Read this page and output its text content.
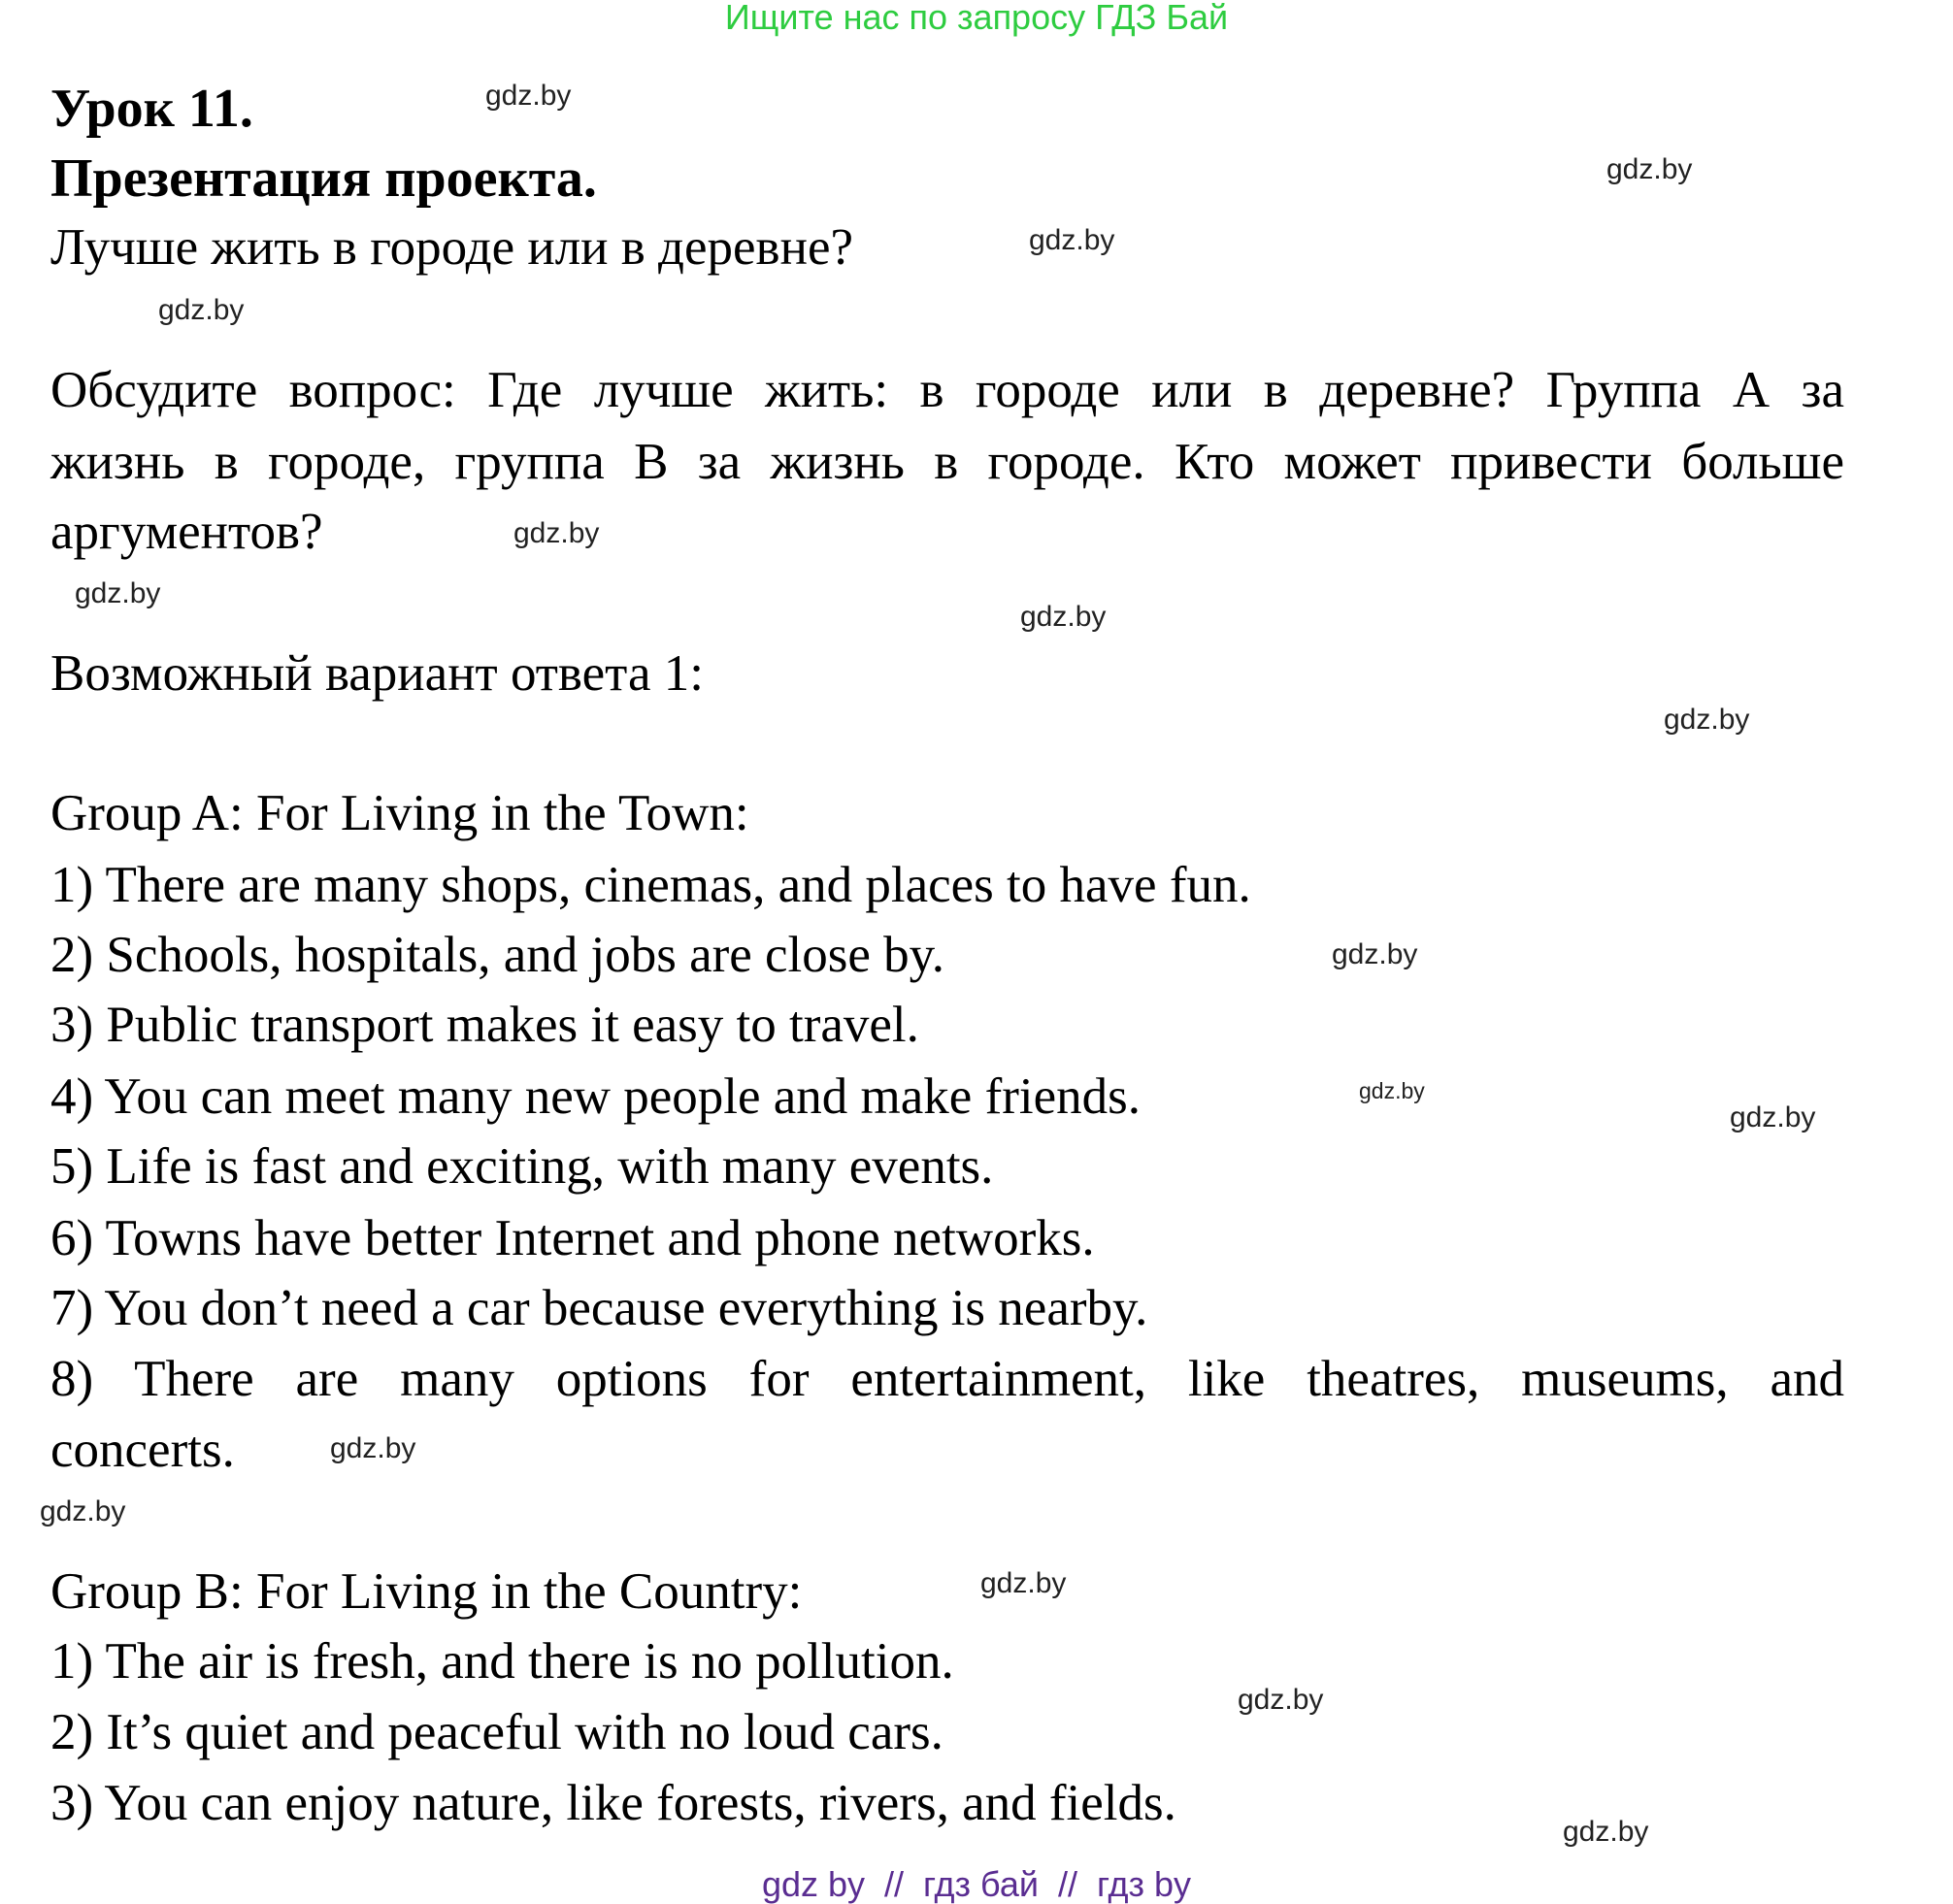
Ищите нас по запросу ГДЗ Бай
Урок 11.
Презентация проекта.
Лучше жить в городе или в деревне?
Обсудите вопрос: Где лучше жить: в городе или в деревне? Группа А за
жизнь в городе, группа В за жизнь в городе. Кто может привести больше
аргументов?
Возможный вариант ответа 1:
Group A: For Living in the Town:
1) There are many shops, cinemas, and places to have fun.
2) Schools, hospitals, and jobs are close by.
3) Public transport makes it easy to travel.
4) You can meet many new people and make friends.
5) Life is fast and exciting, with many events.
6) Towns have better Internet and phone networks.
7) You don’t need a car because everything is nearby.
8) There are many options for entertainment, like theatres, museums, and
concerts.
Group B: For Living in the Country:
1) The air is fresh, and there is no pollution.
2) It’s quiet and peaceful with no loud cars.
3) You can enjoy nature, like forests, rivers, and fields.
gdz.by
gdz.by
gdz.by
gdz.by
gdz.by
gdz.by
gdz.by
gdz.by
gdz.by
gdz.by
gdz.by
gdz.by
gdz.by
gdz.by
gdz.by
gdz.by
gdz by  //  гдз бай  //  гдз by
